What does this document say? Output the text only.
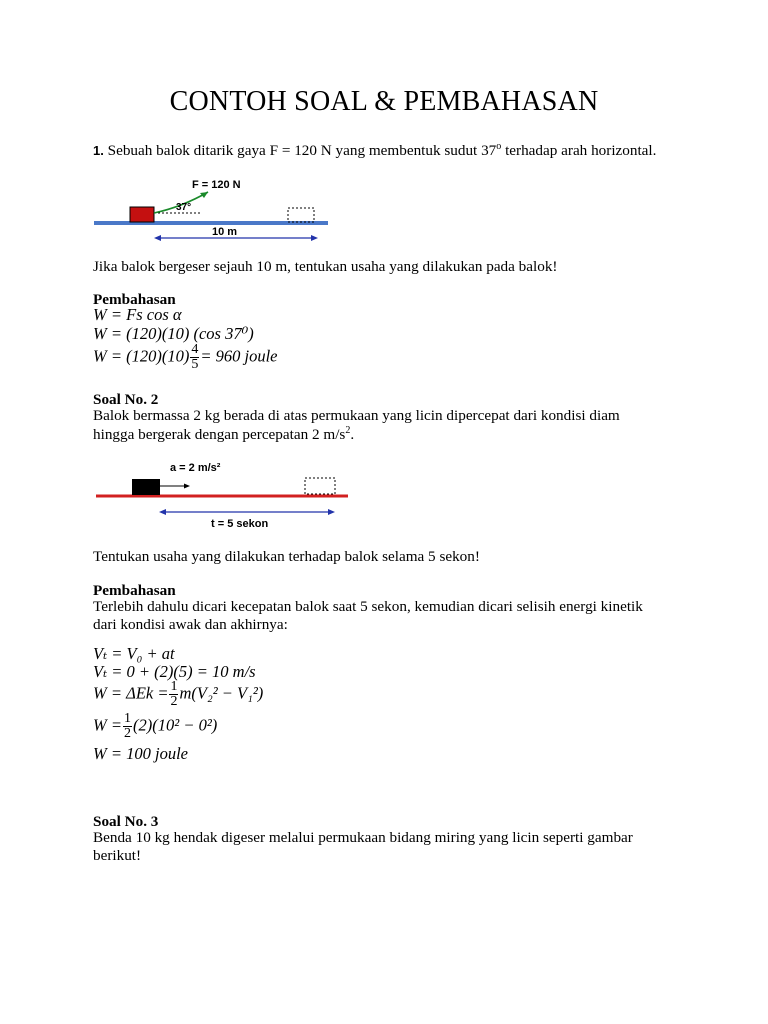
CONTOH SOAL & PEMBAHASAN
1. Sebuah balok ditarik gaya F = 120 N yang membentuk sudut 37$^o$ terhadap arah horizontal.
F = 120 N
37°
10 m
Jika balok bergeser sejauh 10 m, tentukan usaha yang dilakukan pada balok!
Pembahasan
W = Fs cos α
W = (120)(10) (cos 37⁰)
$W = (120)(10) \frac{4}{5} = 960$ joule
Soal No. 2
Balok bermassa 2 kg berada di atas permukaan yang licin dipercepat dari kondisi diam
hingga bergerak dengan percepatan 2 $m/s^2$.
a = 2 m/s²
t = 5 sekon
Tentukan usaha yang dilakukan terhadap balok selama 5 sekon!
Pembahasan
Terlebih dahulu dicari kecepatan balok saat 5 sekon, kemudian dicari selisih energi kinetik
dari kondisi awak dan akhirnya:
Vₜ = V₀ + at
Vₜ = 0 + (2)(5) = 10 m/s
$W = \Delta Ek = \frac{1}{2} m(V_2^2 - V_1^2)$
$W = \frac{1}{2} (2)(10^2 - 0^2)$
W = 100 joule
Soal No. 3
Benda 10 kg hendak digeser melalui permukaan bidang miring yang licin seperti gambar
berikut!
